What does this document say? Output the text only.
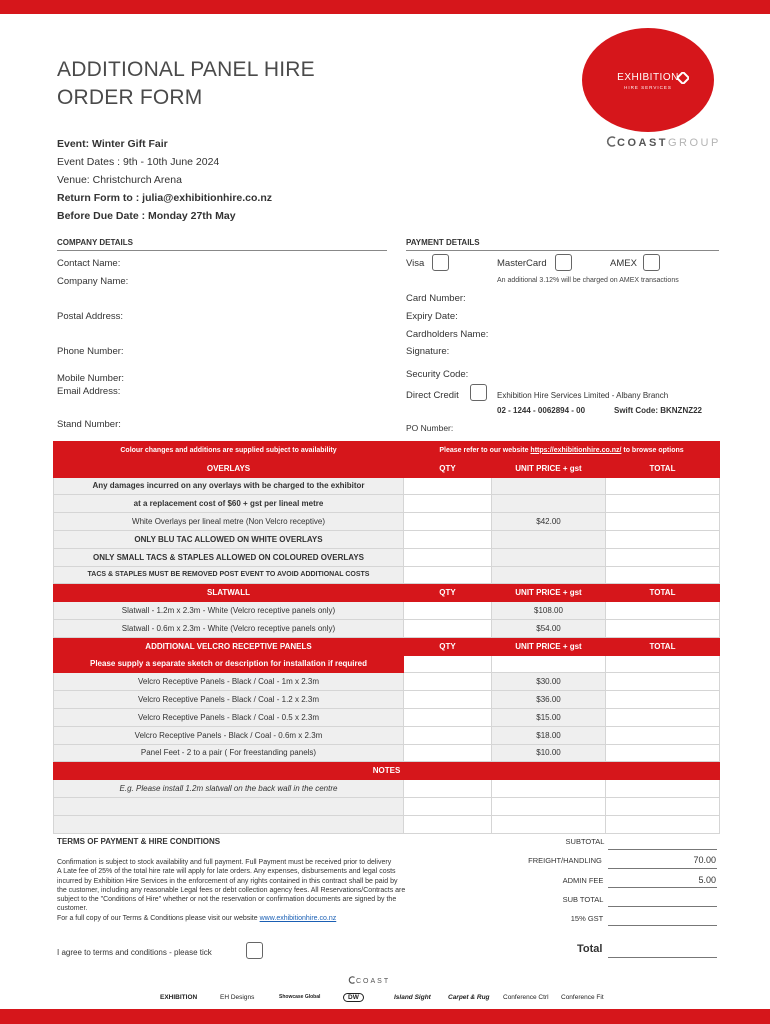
ADDITIONAL PANEL HIRE
ORDER FORM
EXHIBITION
HIRE SERVICES
COASTGROUP
Event: Winter Gift Fair
Event Dates : 9th - 10th June 2024
Venue: Christchurch Arena
Return Form to : julia@exhibitionhire.co.nz
Before Due Date : Monday 27th May
COMPANY DETAILS	PAYMENT DETAILS
Contact Name:
Company Name:
Postal Address:
Phone Number:
Mobile Number:
Email Address:
Stand Number:
Visa	MasterCard	AMEX
An additional 3.12% will be charged on AMEX transactions
Card Number:
Expiry Date:
Cardholders Name:
Signature:
Security Code:
Direct Credit	Exhibition Hire Services Limited - Albany Branch
02 - 1244 - 0062894 - 00	Swift Code: BKNZNZ22
PO Number:
Colour changes and additions are supplied subject to availability	Please refer to our website https://exhibitionhire.co.nz/ to browse options		
OVERLAYS	QTY	UNIT PRICE + gst	TOTAL
Any damages incurred on any overlays with be charged to the exhibitor			
at a replacement cost of $60 + gst per lineal metre			
White Overlays per lineal metre (Non Velcro receptive)		$42.00	
ONLY BLU TAC ALLOWED ON WHITE OVERLAYS			
ONLY SMALL TACS & STAPLES ALLOWED ON COLOURED OVERLAYS			
TACS & STAPLES MUST BE REMOVED POST EVENT TO AVOID ADDITIONAL COSTS			
SLATWALL	QTY	UNIT PRICE + gst	TOTAL
Slatwall - 1.2m x 2.3m - White (Velcro receptive panels only)		$108.00	
Slatwall - 0.6m x 2.3m - White (Velcro receptive panels only)		$54.00	
ADDITIONAL VELCRO RECEPTIVE PANELS	QTY	UNIT PRICE + gst	TOTAL
Please supply a separate sketch or description for installation if required			
Velcro Receptive Panels - Black / Coal - 1m x 2.3m		$30.00	
Velcro Receptive Panels - Black / Coal - 1.2 x 2.3m		$36.00	
Velcro Receptive Panels - Black / Coal - 0.5 x 2.3m		$15.00	
Velcro Receptive Panels - Black / Coal - 0.6m x 2.3m		$18.00	
Panel Feet - 2 to a pair ( For freestanding panels)		$10.00	
NOTES			
E.g. Please install 1.2m slatwall on the back wall in the centre			

TERMS OF PAYMENT & HIRE CONDITIONS
Confirmation is subject to stock availability and full payment. Full Payment must be received prior to delivery
A Late fee of 25% of the total hire rate will apply for late orders. Any expenses, disbursements and legal costs incurred by Exhibition Hire Services in the enforcement of any rights contained in this contract shall be paid by the customer, including any reasonable Legal fees or debt collection agency fees. All Reservations/Contracts are subject to the "Conditions of Hire" whether or not the reservation or confirmation documents are signed by the customer.
For a full copy of our Terms & Conditions please visit our website www.exhibitionhire.co.nz
I agree to terms and conditions - please tick
SUBTOTAL
FREIGHT/HANDLING	70.00
ADMIN FEE	5.00
SUB TOTAL
15% GST
Total
COAST
EXHIBITION	EH Designs	Showcase Global	DW	Island Sight	Carpet & Rug Conference Ctrl Conference Fit
